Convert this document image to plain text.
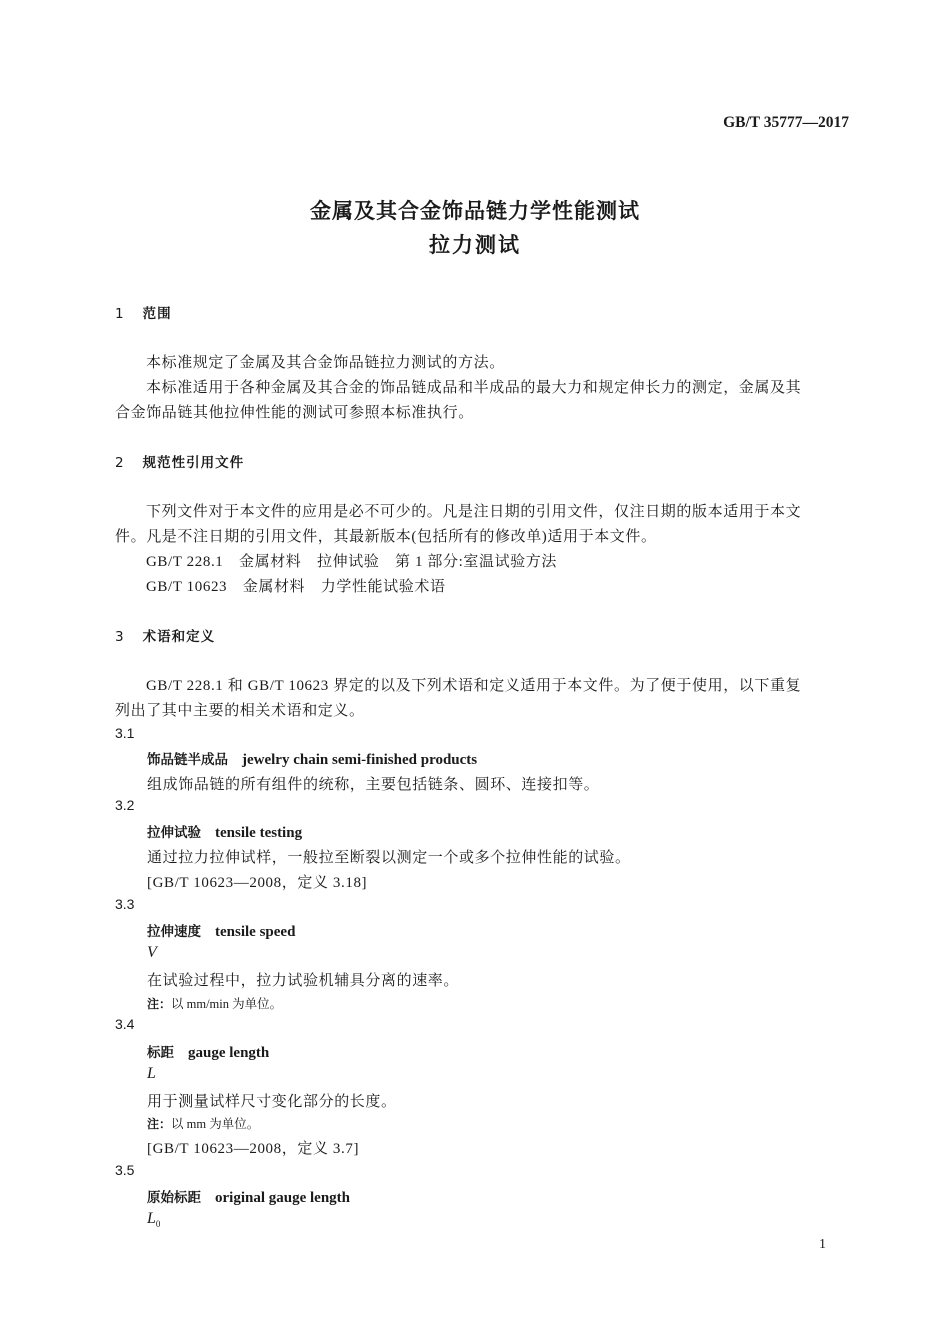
GB/T 35777—2017
金属及其合金饰品链力学性能测试
拉力测试
1 范围
本标准规定了金属及其合金饰品链拉力测试的方法。
本标准适用于各种金属及其合金的饰品链成品和半成品的最大力和规定伸长力的测定，金属及其
合金饰品链其他拉伸性能的测试可参照本标准执行。
2 规范性引用文件
下列文件对于本文件的应用是必不可少的。凡是注日期的引用文件，仅注日期的版本适用于本文
件。凡是不注日期的引用文件，其最新版本(包括所有的修改单)适用于本文件。
GB/T 228.1　金属材料　拉伸试验　第 1 部分:室温试验方法
GB/T 10623　金属材料　力学性能试验术语
3 术语和定义
GB/T 228.1 和 GB/T 10623 界定的以及下列术语和定义适用于本文件。为了便于使用，以下重复
列出了其中主要的相关术语和定义。
3.1
饰品链半成品 jewelry chain semi-finished products
组成饰品链的所有组件的统称，主要包括链条、圆环、连接扣等。
3.2
拉伸试验 tensile testing
通过拉力拉伸试样，一般拉至断裂以测定一个或多个拉伸性能的试验。
[GB/T 10623—2008，定义 3.18]
3.3
拉伸速度 tensile speed
V
在试验过程中，拉力试验机辅具分离的速率。
注：以 mm/min 为单位。
3.4
标距 gauge length
L
用于测量试样尺寸变化部分的长度。
注：以 mm 为单位。
[GB/T 10623—2008，定义 3.7]
3.5
原始标距 original gauge length
$L_0$
1
